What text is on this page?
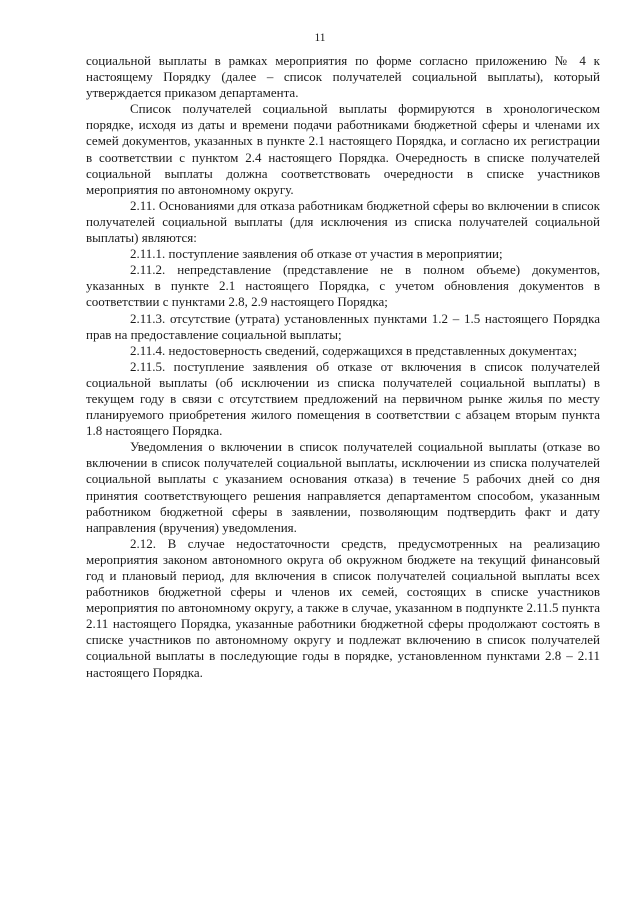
11

социальной выплаты в рамках мероприятия по форме согласно приложению № 4 к настоящему Порядку (далее – список получателей социальной выплаты), который утверждается приказом департамента.

Список получателей социальной выплаты формируются в хронологическом порядке, исходя из даты и времени подачи работниками бюджетной сферы и членами их семей документов, указанных в пункте 2.1 настоящего Порядка, и согласно их регистрации в соответствии с пунктом 2.4 настоящего Порядка. Очередность в списке получателей социальной выплаты должна соответствовать очередности в списке участников мероприятия по автономному округу.

2.11. Основаниями для отказа работникам бюджетной сферы во включении в список получателей социальной выплаты (для исключения из списка получателей социальной выплаты) являются:

2.11.1. поступление заявления об отказе от участия в мероприятии;

2.11.2. непредставление (представление не в полном объеме) документов, указанных в пункте 2.1 настоящего Порядка, с учетом обновления документов в соответствии с пунктами 2.8, 2.9 настоящего Порядка;

2.11.3. отсутствие (утрата) установленных пунктами 1.2 – 1.5 настоящего Порядка прав на предоставление социальной выплаты;

2.11.4. недостоверность сведений, содержащихся в представленных документах;

2.11.5. поступление заявления об отказе от включения в список получателей социальной выплаты (об исключении из списка получателей социальной выплаты) в текущем году в связи с отсутствием предложений на первичном рынке жилья по месту планируемого приобретения жилого помещения в соответствии с абзацем вторым пункта 1.8 настоящего Порядка.

Уведомления о включении в список получателей социальной выплаты (отказе во включении в список получателей социальной выплаты, исключении из списка получателей социальной выплаты с указанием основания отказа) в течение 5 рабочих дней со дня принятия соответствующего решения направляется департаментом способом, указанным работником бюджетной сферы в заявлении, позволяющим подтвердить факт и дату направления (вручения) уведомления.

2.12. В случае недостаточности средств, предусмотренных на реализацию мероприятия законом автономного округа об окружном бюджете на текущий финансовый год и плановый период, для включения в список получателей социальной выплаты всех работников бюджетной сферы и членов их семей, состоящих в списке участников мероприятия по автономному округу, а также в случае, указанном в подпункте 2.11.5 пункта 2.11 настоящего Порядка, указанные работники бюджетной сферы продолжают состоять в списке участников по автономному округу и подлежат включению в список получателей социальной выплаты в последующие годы в порядке, установленном пунктами 2.8 – 2.11 настоящего Порядка.
